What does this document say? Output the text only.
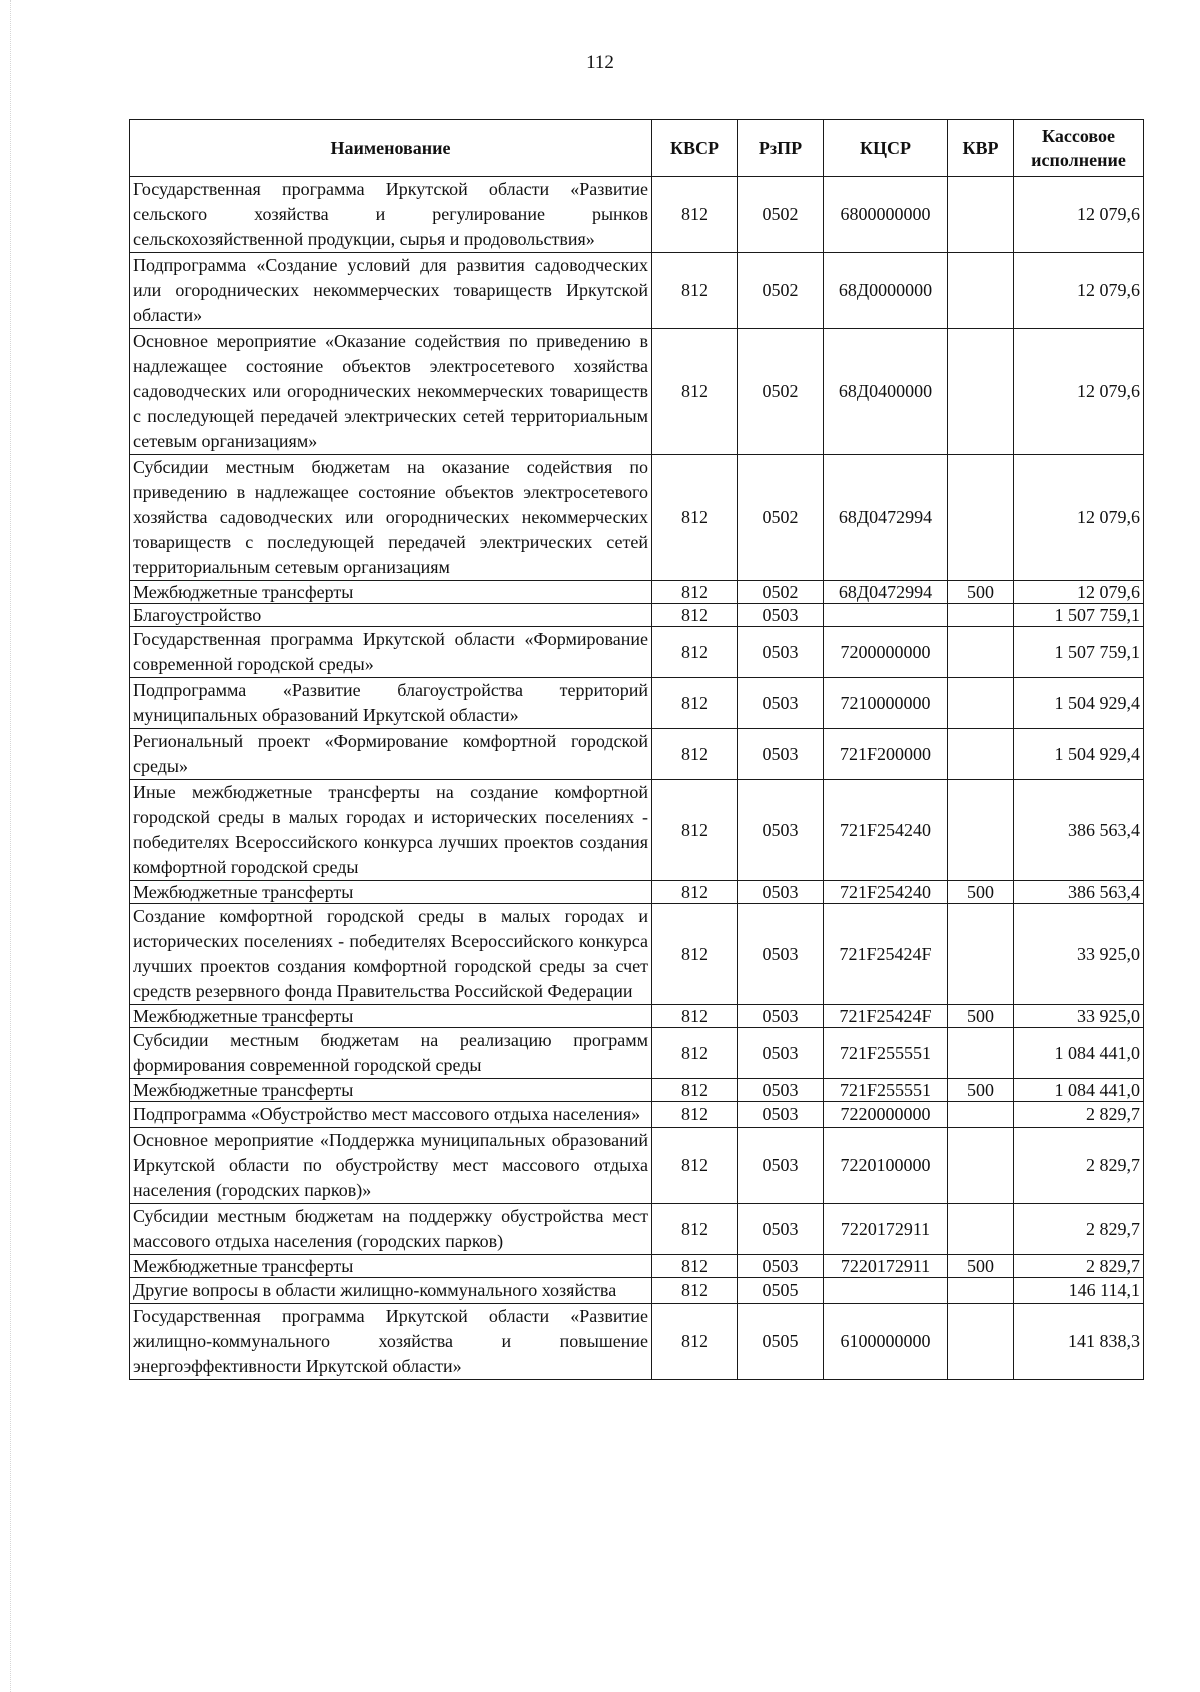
112
Наименование	КВСР	РзПР	КЦСР	КВР	Кассовое исполнение
Государственная программа Иркутской области «Развитие сельского хозяйства и регулирование рынков сельскохозяйственной продукции, сырья и продовольствия»	812	0502	6800000000		12 079,6
Подпрограмма «Создание условий для развития садоводческих или огороднических некоммерческих товариществ Иркутской области»	812	0502	68Д0000000		12 079,6
Основное мероприятие «Оказание содействия по приведению в надлежащее состояние объектов электросетевого хозяйства садоводческих или огороднических некоммерческих товариществ с последующей передачей электрических сетей территориальным сетевым организациям»	812	0502	68Д0400000		12 079,6
Субсидии местным бюджетам на оказание содействия по приведению в надлежащее состояние объектов электросетевого хозяйства садоводческих или огороднических некоммерческих товариществ с последующей передачей электрических сетей территориальным сетевым организациям	812	0502	68Д0472994		12 079,6
Межбюджетные трансферты	812	0502	68Д0472994	500	12 079,6
Благоустройство	812	0503			1 507 759,1
Государственная программа Иркутской области «Формирование современной городской среды»	812	0503	7200000000		1 507 759,1
Подпрограмма «Развитие благоустройства территорий муниципальных образований Иркутской области»	812	0503	7210000000		1 504 929,4
Региональный проект «Формирование комфортной городской среды»	812	0503	721F200000		1 504 929,4
Иные межбюджетные трансферты на создание комфортной городской среды в малых городах и исторических поселениях - победителях Всероссийского конкурса лучших проектов создания комфортной городской среды	812	0503	721F254240		386 563,4
Межбюджетные трансферты	812	0503	721F254240	500	386 563,4
Создание комфортной городской среды в малых городах и исторических поселениях - победителях Всероссийского конкурса лучших проектов создания комфортной городской среды за счет средств резервного фонда Правительства Российской Федерации	812	0503	721F25424F		33 925,0
Межбюджетные трансферты	812	0503	721F25424F	500	33 925,0
Субсидии местным бюджетам на реализацию программ формирования современной городской среды	812	0503	721F255551		1 084 441,0
Межбюджетные трансферты	812	0503	721F255551	500	1 084 441,0
Подпрограмма «Обустройство мест массового отдыха населения»	812	0503	7220000000		2 829,7
Основное мероприятие «Поддержка муниципальных образований Иркутской области по обустройству мест массового отдыха населения (городских парков)»	812	0503	7220100000		2 829,7
Субсидии местным бюджетам на поддержку обустройства мест массового отдыха населения (городских парков)	812	0503	7220172911		2 829,7
Межбюджетные трансферты	812	0503	7220172911	500	2 829,7
Другие вопросы в области жилищно-коммунального хозяйства	812	0505			146 114,1
Государственная программа Иркутской области «Развитие жилищно-коммунального хозяйства и повышение энергоэффективности Иркутской области»	812	0505	6100000000		141 838,3
